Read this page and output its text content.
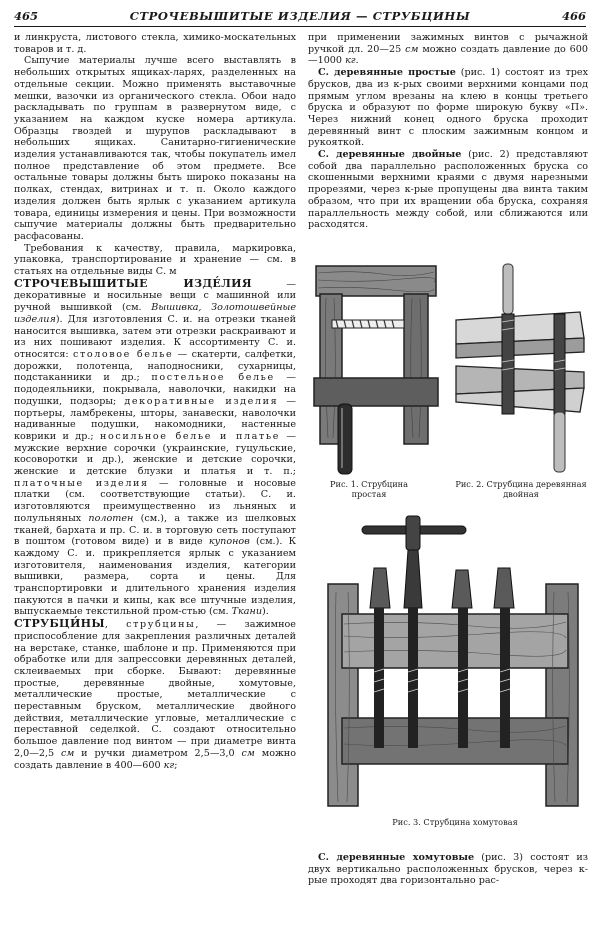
465	СТРОЧЕВЫШИТЫЕ ИЗДЕЛИЯ — СТРУБЦИНЫ	466

и линкруста, листового стекла, химико-москательных товаров и т. д.

Сыпучие материалы лучше всего выставлять в небольших открытых ящиках-ларях, разделенных на отдельные секции. Можно применять выставочные мешки, вазочки из органического стекла. Обои надо раскладывать по группам в развернутом виде, с указанием на каждом куске номера артикула. Образцы гвоздей и шурупов раскладывают в небольших ящиках. Санитарно-гигиенические изделия устанавливаются так, чтобы покупатель имел полное представление об этом предмете. Все остальные товары должны быть широко показаны на полках, стендах, витринах и т. п. Около каждого изделия должен быть ярлык с указанием артикула товара, единицы измерения и цены. При возможности сыпучие материалы должны быть предварительно расфасованы.

Требования к качеству, правила, маркировка, упаковка, транспортирование и хранение — см. в статьях на отдельные виды С. м

СТРОЧЕВЫШИТЫЕ ИЗДЕ́ЛИЯ — декоративные и носильные вещи с машинной или ручной вышивкой (см. Вышивка, Золотошвейные изделия). Для изготовления С. и. на отрезки тканей наносится вышивка, затем эти отрезки раскраивают и из них пошивают изделия. К ассортименту С. и. относятся: столовое белье — скатерти, салфетки, дорожки, полотенца, наподносники, сухарницы, подстаканники и др.; постельное белье — пододеяльники, покрывала, наволочки, накидки на подушки, подзоры; декоративные изделия — портьеры, ламбрекены, шторы, занавески, наволочки надиванные подушки, накомодники, настенные коврики и др.; носильное белье и платье — мужские верхние сорочки (украинские, гуцульские, косоворотки и др.), женские и детские сорочки, женские и детские блузки и платья и т. п.; платочные изделия — головные и носовые платки (см. соответствующие статьи). С. и. изготовляются преимущественно из льняных и полульняных полотен (см.), а также из шелковых тканей, бархата и пр. С. и. в торговую сеть поступают в поштом (готовом виде) и в виде купонов (см.). К каждому С. и. прикрепляется ярлык с указанием изготовителя, наименования изделия, категории вышивки, размера, сорта и цены. Для транспортировки и длительного хранения изделия пакуются в пачки и кипы, как все штучные изделия, выпускаемые текстильной пром-стью (см. Ткани).

СТРУБЦИ́НЫ, струбцины, — зажимное приспособление для закрепления различных деталей на верстаке, станке, шаблоне и пр. Применяются при обработке или для запрессовки деревянных деталей, склеиваемых при сборке. Бывают: деревянные простые, деревянные двойные, хомутовые, металлические простые, металлические с переставным бруском, металлические двойного действия, металлические угловые, металлические с переставной седелкой. С. создают относительно большое давление под винтом — при диаметре винта 2,0—2,5 см и ручки диаметром 2,5—3,0 см можно создать давление в 400—600 кг;

при применении зажимных винтов с рычажной ручкой дл. 20—25 см можно создать давление до 600—1000 кг.

С. деревянные простые (рис. 1) состоят из трех брусков, два из к-рых своими верхними концами под прямым углом врезаны на клею в концы третьего бруска и образуют по форме широкую букву «П». Через нижний конец одного бруска проходит деревянный винт с плоским зажимным концом и рукояткой.

С. деревянные двойные (рис. 2) представляют собой два параллельно расположенных бруска со скошенными верхними краями с двумя нарезными прорезями, через к-рые пропущены два винта таким образом, что при их вращении оба бруска, сохраняя параллельность между собой, или сближаются или расходятся.

Рис. 1. Струбцина простая
Рис. 2. Струбцина деревянная двойная
Рис. 3. Струбцина хомутовая

С. деревянные хомутовые (рис. 3) состоят из двух вертикально расположенных брусков, через к-рые проходят два горизонтально рас-
